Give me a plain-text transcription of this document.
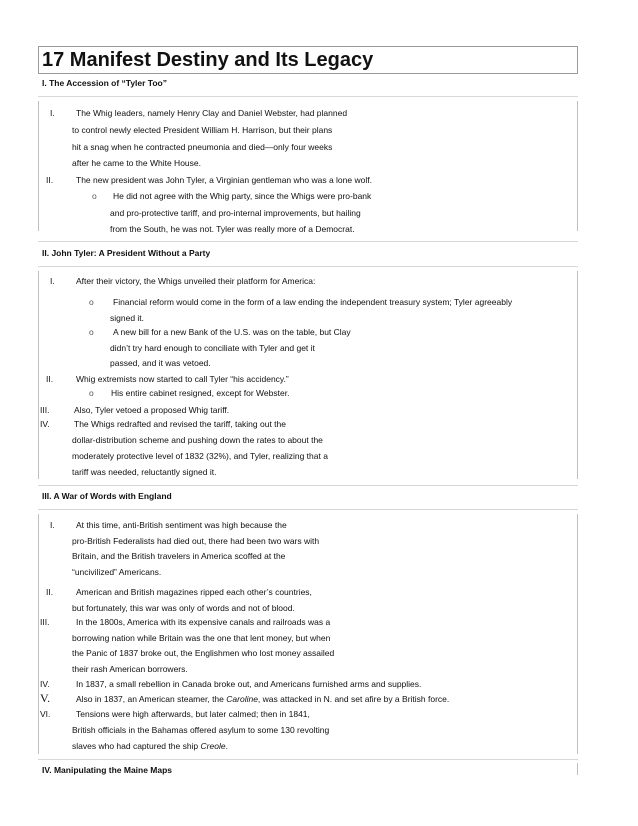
17 Manifest Destiny and Its Legacy
I. The Accession of “Tyler Too”
I.	The Whig leaders, namely Henry Clay and Daniel Webster, had planned
to control newly elected President William H. Harrison, but their plans
hit a snag when he contracted pneumonia and died—only four weeks
after he came to the White House.
II.	The new president was John Tyler, a Virginian gentleman who was a lone wolf.
o He did not agree with the Whig party, since the Whigs were pro-bank
and pro-protective tariff, and pro-internal improvements, but hailing
from the South, he was not. Tyler was really more of a Democrat.
II. John Tyler: A President Without a Party
I.	After their victory, the Whigs unveiled their platform for America:
o Financial reform would come in the form of a law ending the independent treasury system; Tyler agreeably
signed it.
o A new bill for a new Bank of the U.S. was on the table, but Clay
didn’t try hard enough to conciliate with Tyler and get it
passed, and it was vetoed.
II.	Whig extremists now started to call Tyler “his accidency.”
o His entire cabinet resigned, except for Webster.
III.	Also, Tyler vetoed a proposed Whig tariff.
IV.	The Whigs redrafted and revised the tariff, taking out the
dollar-distribution scheme and pushing down the rates to about the
moderately protective level of 1832 (32%), and Tyler, realizing that a
tariff was needed, reluctantly signed it.
III. A War of Words with England
I.	At this time, anti-British sentiment was high because the
pro-British Federalists had died out, there had been two wars with
Britain, and the British travelers in America scoffed at the
“uncivilized” Americans.
II.	American and British magazines ripped each other’s countries,
but fortunately, this war was only of words and not of blood.
III.	In the 1800s, America with its expensive canals and railroads was a
borrowing nation while Britain was the one that lent money, but when
the Panic of 1837 broke out, the Englishmen who lost money assailed
their rash American borrowers.
IV.	In 1837, a small rebellion in Canada broke out, and Americans furnished arms and supplies.
V.	Also in 1837, an American steamer, the Caroline, was attacked in N. and set afire by a British force.
VI.	Tensions were high afterwards, but later calmed; then in 1841,
British officials in the Bahamas offered asylum to some 130 revolting
slaves who had captured the ship Creole.
IV. Manipulating the Maine Maps
